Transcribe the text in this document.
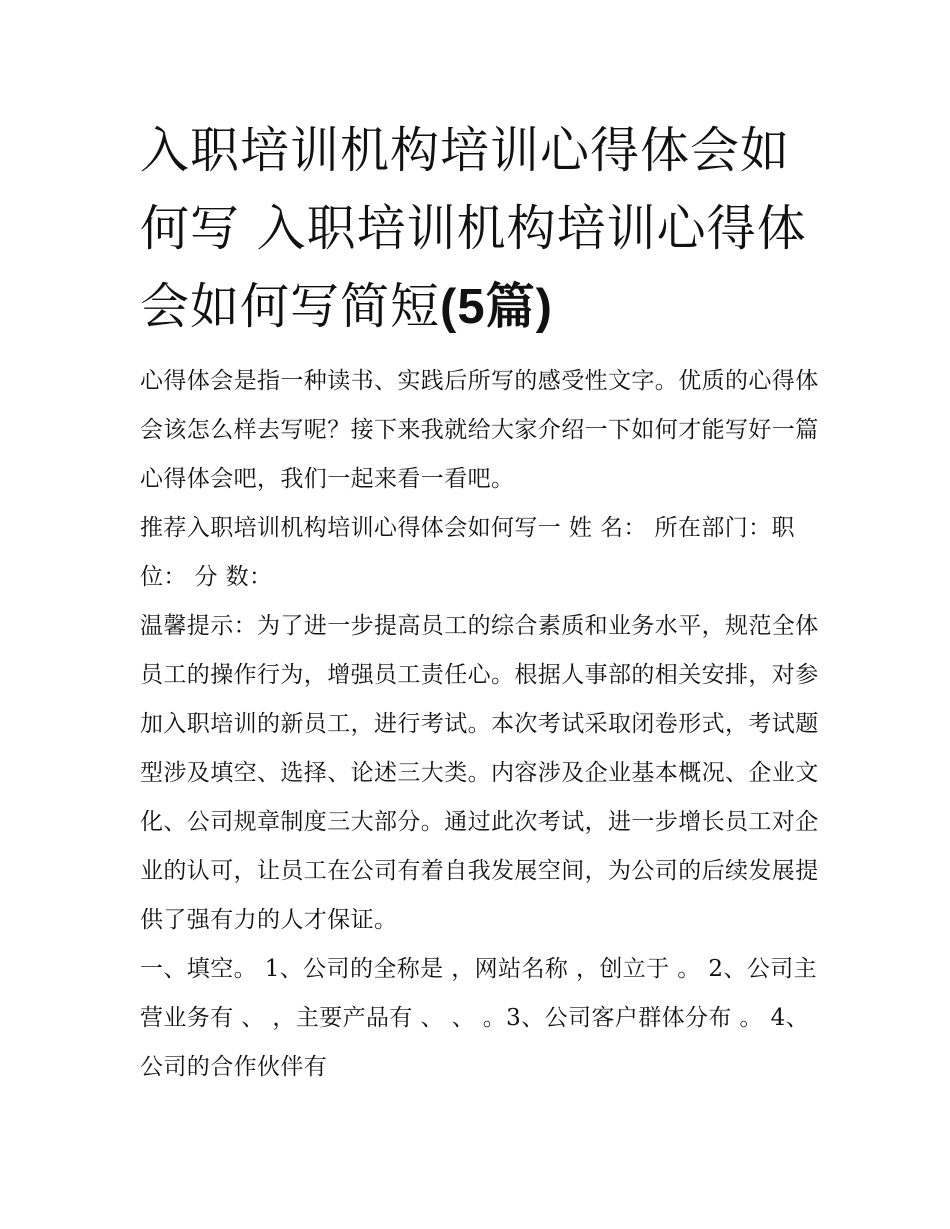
入职培训机构培训心得体会如何写 入职培训机构培训心得体会如何写简短(5篇)

心得体会是指一种读书、实践后所写的感受性文字。优质的心得体会该怎么样去写呢？接下来我就给大家介绍一下如何才能写好一篇心得体会吧，我们一起来看一看吧。

推荐入职培训机构培训心得体会如何写一 姓 名： 所在部门：职 位： 分 数：

温馨提示：为了进一步提高员工的综合素质和业务水平，规范全体员工的操作行为，增强员工责任心。根据人事部的相关安排，对参加入职培训的新员工，进行考试。本次考试采取闭卷形式，考试题型涉及填空、选择、论述三大类。内容涉及企业基本概况、企业文化、公司规章制度三大部分。通过此次考试，进一步增长员工对企业的认可，让员工在公司有着自我发展空间，为公司的后续发展提供了强有力的人才保证。

一、填空。 1、公司的全称是 ，网站名称 ，创立于 。 2、公司主营业务有 、 ，主要产品有 、 、 。3、公司客户群体分布 。 4、公司的合作伙伴有
